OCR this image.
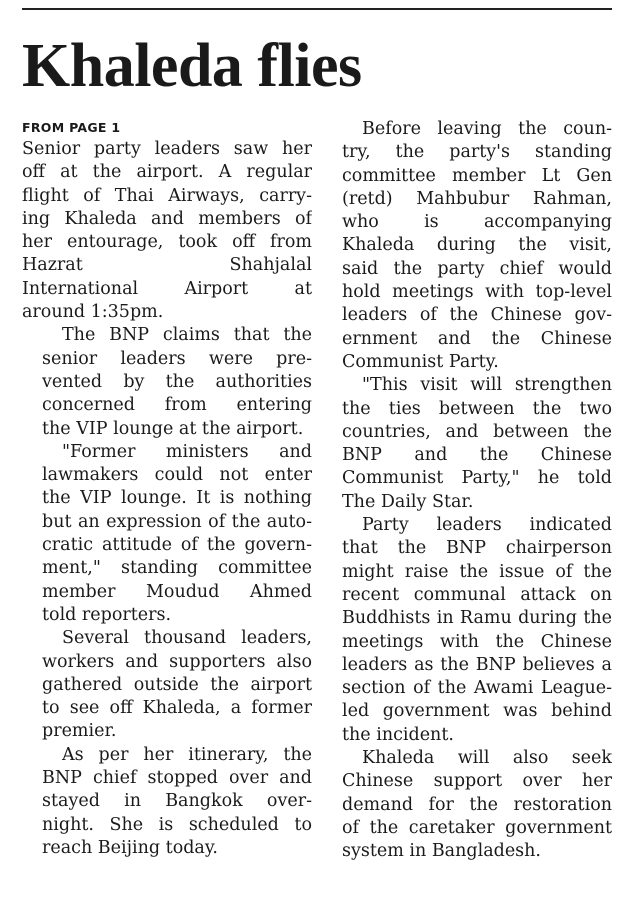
Khaleda flies
FROM PAGE 1
Senior party leaders saw her
off at the airport. A regular
flight of Thai Airways, carry-
ing Khaleda and members of
her entourage, took off from
Hazrat Shahjalal
International Airport at
around 1:35pm.
The BNP claims that the
senior leaders were pre-
vented by the authorities
concerned from entering
the VIP lounge at the airport.
"Former ministers and
lawmakers could not enter
the VIP lounge. It is nothing
but an expression of the auto-
cratic attitude of the govern-
ment," standing committee
member Moudud Ahmed
told reporters.
Several thousand leaders,
workers and supporters also
gathered outside the airport
to see off Khaleda, a former
premier.
As per her itinerary, the
BNP chief stopped over and
stayed in Bangkok over-
night. She is scheduled to
reach Beijing today.
Before leaving the coun-
try, the party's standing
committee member Lt Gen
(retd) Mahbubur Rahman,
who is accompanying
Khaleda during the visit,
said the party chief would
hold meetings with top-level
leaders of the Chinese gov-
ernment and the Chinese
Communist Party.
"This visit will strengthen
the ties between the two
countries, and between the
BNP and the Chinese
Communist Party," he told
The Daily Star.
Party leaders indicated
that the BNP chairperson
might raise the issue of the
recent communal attack on
Buddhists in Ramu during the
meetings with the Chinese
leaders as the BNP believes a
section of the Awami League-
led government was behind
the incident.
Khaleda will also seek
Chinese support over her
demand for the restoration
of the caretaker government
system in Bangladesh.
